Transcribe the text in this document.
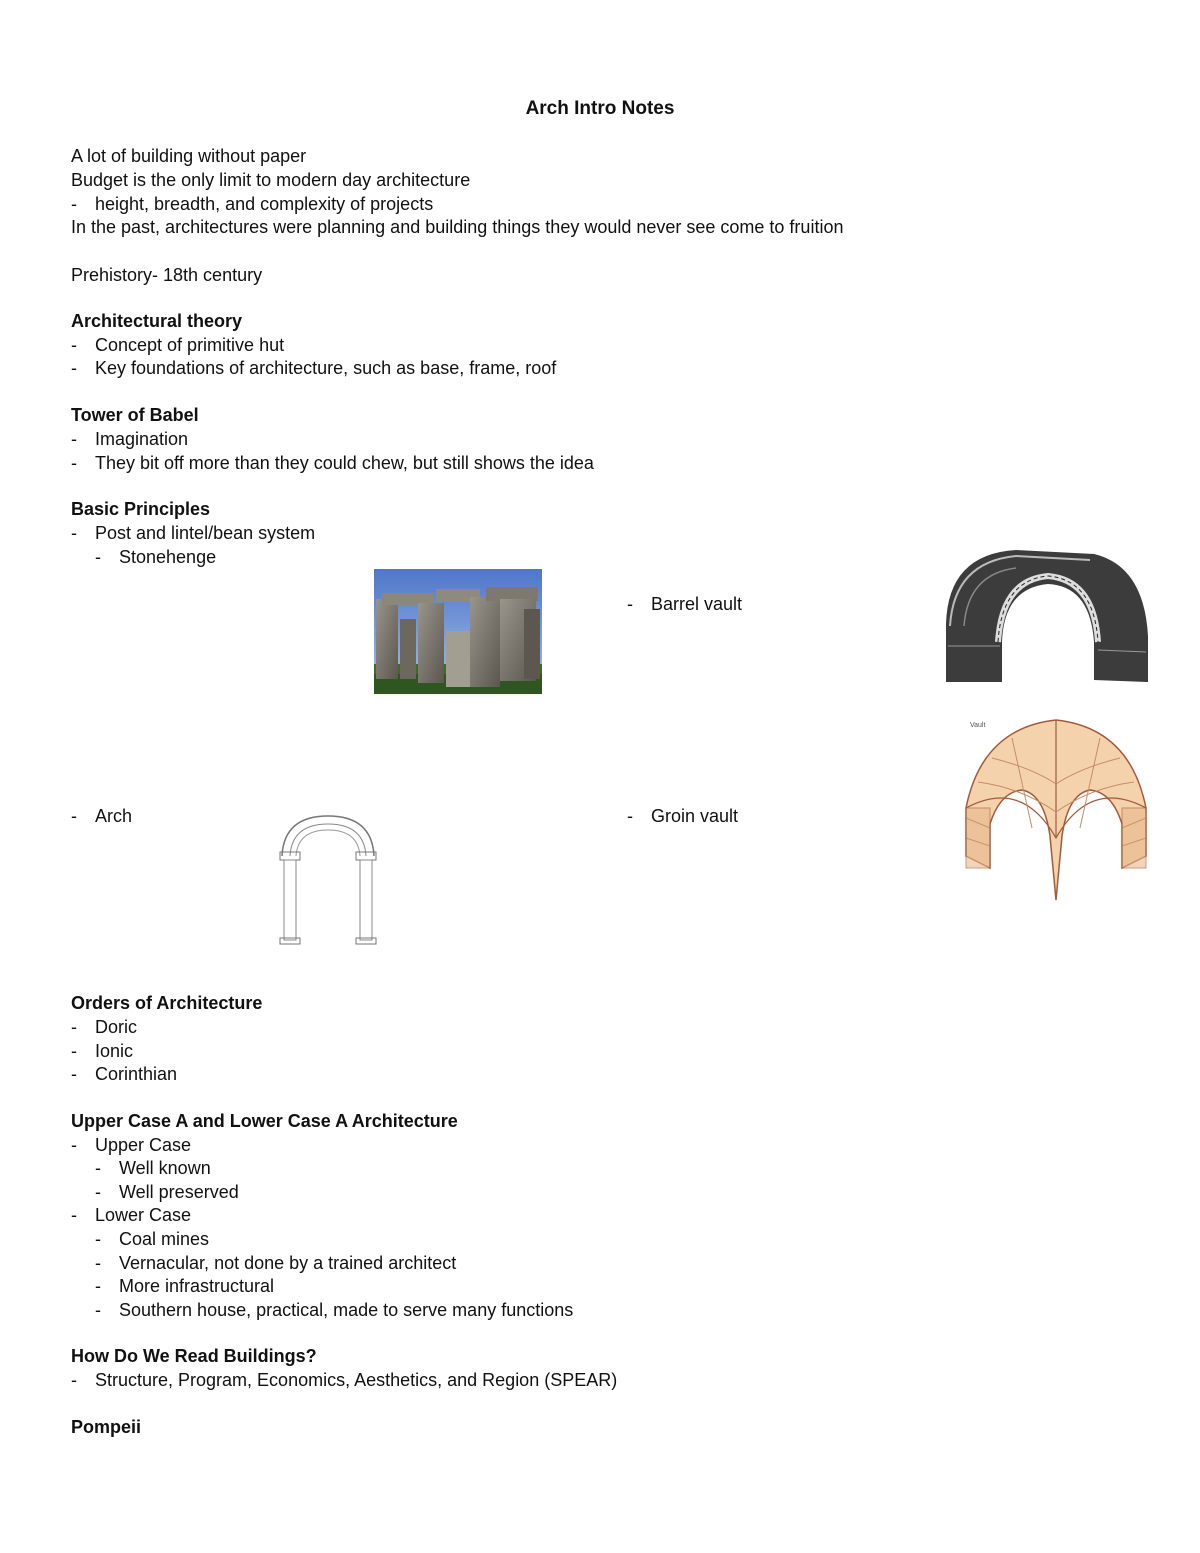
Arch Intro Notes
A lot of building without paper
Budget is the only limit to modern day architecture
- height, breadth, and complexity of projects
In the past, architectures were planning and building things they would never see come to fruition
Prehistory- 18th century
Architectural theory
- Concept of primitive hut
- Key foundations of architecture, such as base, frame, roof
Tower of Babel
- Imagination
- They bit off more than they could chew, but still shows the idea
Basic Principles
- Post and lintel/bean system
- Stonehenge
- Barrel vault
- Arch	- Groin vault
Vault
Orders of Architecture
- Doric
- Ionic
- Corinthian
Upper Case A and Lower Case A Architecture
- Upper Case
- Well known
- Well preserved
- Lower Case
- Coal mines
- Vernacular, not done by a trained architect
- More infrastructural
- Southern house, practical, made to serve many functions
How Do We Read Buildings?
- Structure, Program, Economics, Aesthetics, and Region (SPEAR)
Pompeii
